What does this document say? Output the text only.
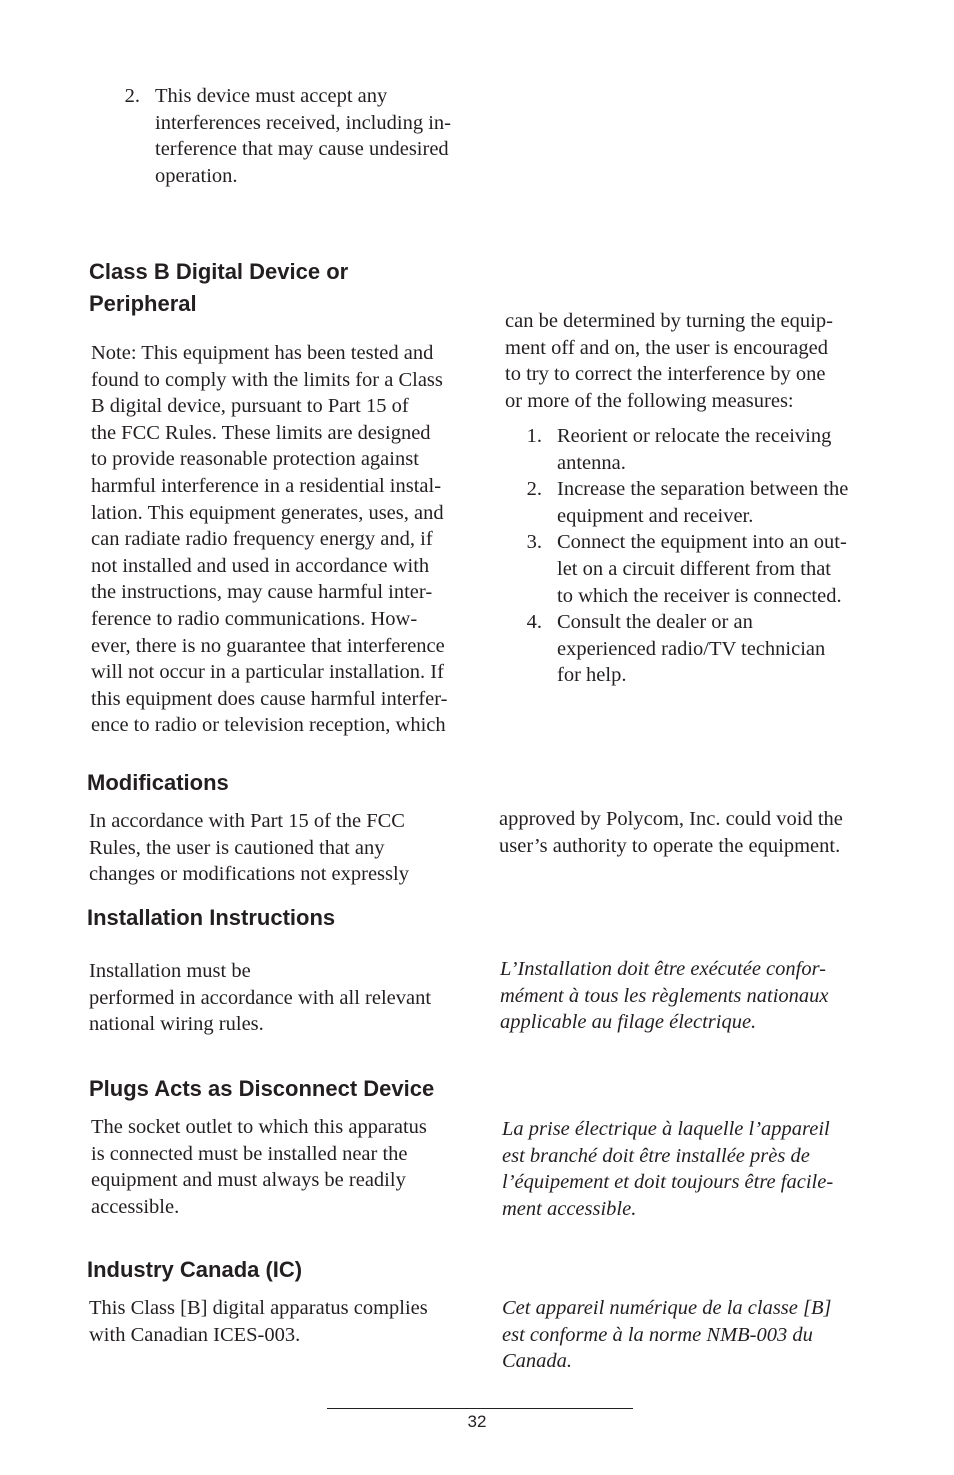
2. This device must accept any
interferences received, including in-
terference that may cause undesired
operation.
Class B Digital Device or
Peripheral
Note: This equipment has been tested and
found to comply with the limits for a Class
B digital device, pursuant to Part 15 of
the FCC Rules. These limits are designed
to provide reasonable protection against
harmful interference in a residential instal-
lation. This equipment generates, uses, and
can radiate radio frequency energy and, if
not installed and used in accordance with
the instructions, may cause harmful inter-
ference to radio communications. How-
ever, there is no guarantee that interference
will not occur in a particular installation. If
this equipment does cause harmful interfer-
ence to radio or television reception, which
can be determined by turning the equip-
ment off and on, the user is encouraged
to try to correct the interference by one
or more of the following measures:
1. Reorient or relocate the receiving
antenna.
2. Increase the separation between the
equipment and receiver.
3. Connect the equipment into an out-
let on a circuit different from that
to which the receiver is connected.
4. Consult the dealer or an
experienced radio/TV technician
for help.
Modifications
In accordance with Part 15 of the FCC
Rules, the user is cautioned that any
changes or modifications not expressly
approved by Polycom, Inc. could void the
user’s authority to operate the equipment.
Installation Instructions
Installation must be
performed in accordance with all relevant
national wiring rules.
L’Installation doit être exécutée confor-
mément à tous les règlements nationaux
applicable au filage électrique.
Plugs Acts as Disconnect Device
The socket outlet to which this apparatus
is connected must be installed near the
equipment and must always be readily
accessible.
La prise électrique à laquelle l’appareil
est branché doit être installée près de
l’équipement et doit toujours être facile-
ment accessible.
Industry Canada (IC)
This Class [B] digital apparatus complies
with Canadian ICES-003.
Cet appareil numérique de la classe [B]
est conforme à la norme NMB-003 du
Canada.
32
